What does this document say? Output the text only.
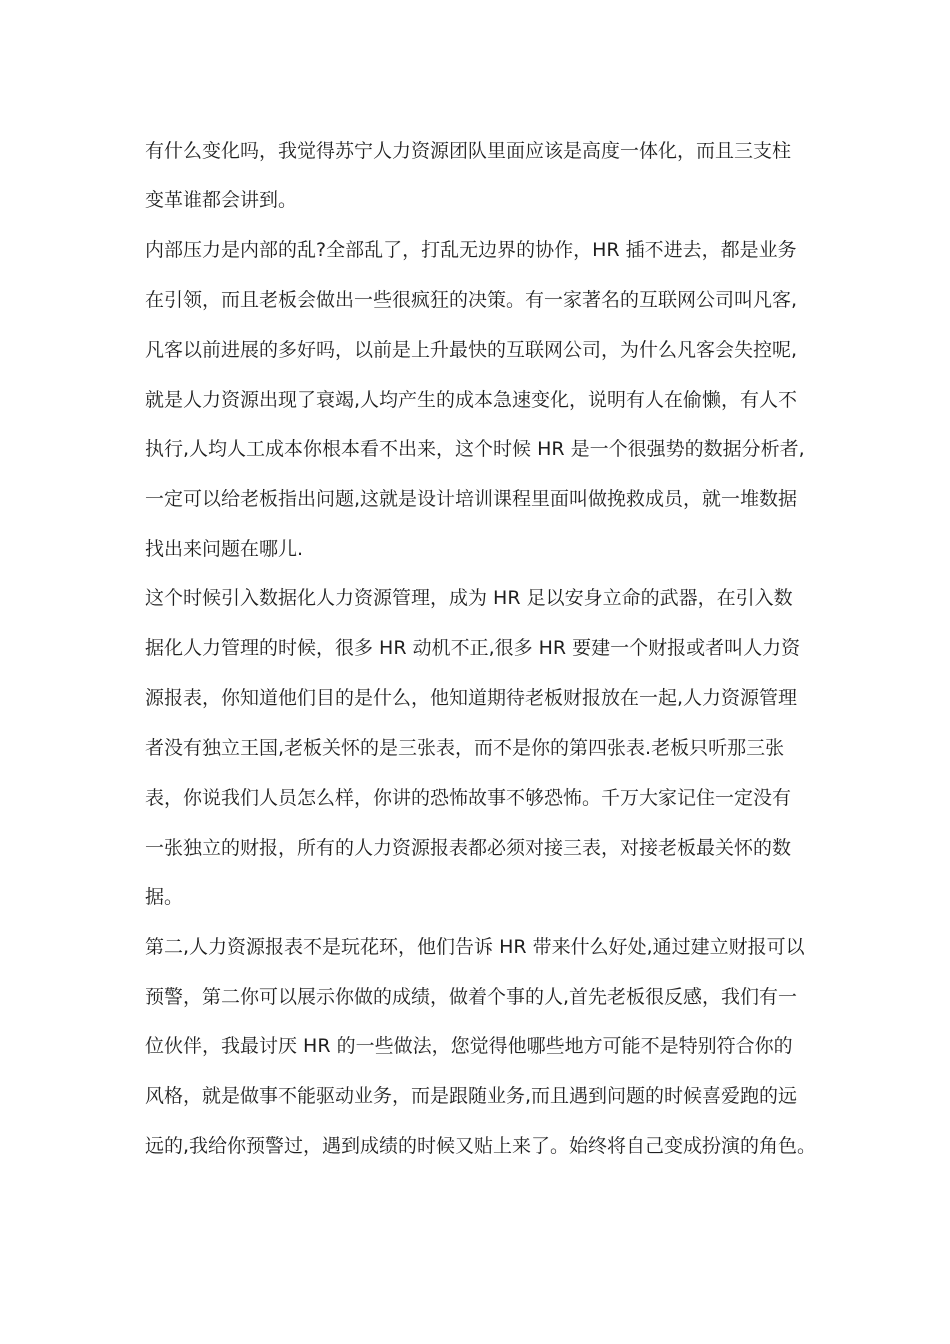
有什么变化吗，我觉得苏宁人力资源团队里面应该是高度一体化，而且三支柱

变革谁都会讲到。

内部压力是内部的乱?全部乱了，打乱无边界的协作，HR 插不进去，都是业务

在引领，而且老板会做出一些很疯狂的决策。有一家著名的互联网公司叫凡客,

凡客以前进展的多好吗，以前是上升最快的互联网公司，为什么凡客会失控呢,

就是人力资源出现了衰竭,人均产生的成本急速变化，说明有人在偷懒，有人不

执行,人均人工成本你根本看不出来，这个时候 HR 是一个很强势的数据分析者,

一定可以给老板指出问题,这就是设计培训课程里面叫做挽救成员，就一堆数据

找出来问题在哪儿.

这个时候引入数据化人力资源管理，成为 HR 足以安身立命的武器，在引入数

据化人力管理的时候，很多 HR 动机不正,很多 HR 要建一个财报或者叫人力资

源报表，你知道他们目的是什么，他知道期待老板财报放在一起,人力资源管理

者没有独立王国,老板关怀的是三张表，而不是你的第四张表.老板只听那三张

表，你说我们人员怎么样，你讲的恐怖故事不够恐怖。千万大家记住一定没有

一张独立的财报，所有的人力资源报表都必须对接三表，对接老板最关怀的数

据。

第二,人力资源报表不是玩花环，他们告诉 HR 带来什么好处,通过建立财报可以

预警，第二你可以展示你做的成绩，做着个事的人,首先老板很反感，我们有一

位伙伴，我最讨厌 HR 的一些做法，您觉得他哪些地方可能不是特别符合你的

风格，就是做事不能驱动业务，而是跟随业务,而且遇到问题的时候喜爱跑的远

远的,我给你预警过，遇到成绩的时候又贴上来了。始终将自己变成扮演的角色。
